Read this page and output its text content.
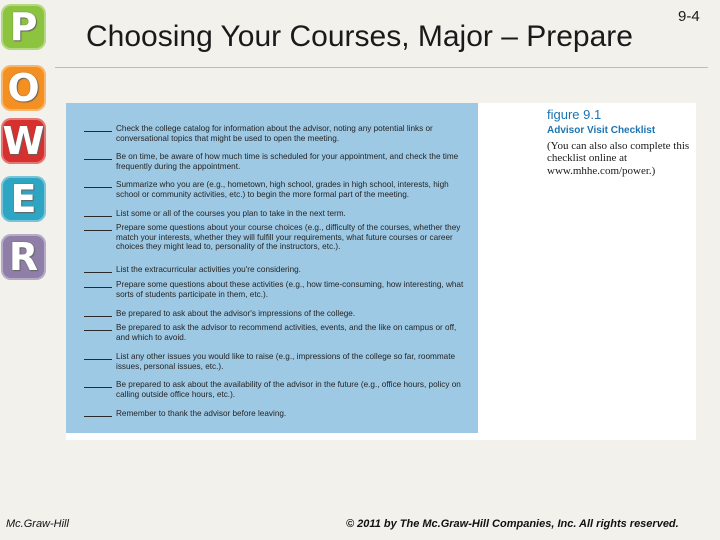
P
O
W
E
R
Choosing Your Courses, Major – Prepare
9-4
Check the college catalog for information about the advisor, noting any potential links or conversational topics that might be used to open the meeting.
Be on time, be aware of how much time is scheduled for your appointment, and check the time frequently during the appointment.
Summarize who you are (e.g., hometown, high school, grades in high school, interests, high school or community activities, etc.) to begin the more formal part of the meeting.
List some or all of the courses you plan to take in the next term.
Prepare some questions about your course choices (e.g., difficulty of the courses, whether they match your interests, whether they will fulfill your requirements, what future courses or career choices they might lead to, personality of the instructors, etc.).
List the extracurricular activities you're considering.
Prepare some questions about these activities (e.g., how time-consuming, how interesting, what sorts of students participate in them, etc.).
Be prepared to ask about the advisor's impressions of the college.
Be prepared to ask the advisor to recommend activities, events, and the like on campus or off, and which to avoid.
List any other issues you would like to raise (e.g., impressions of the college so far, roommate issues, personal issues, etc.).
Be prepared to ask about the availability of the advisor in the future (e.g., office hours, policy on calling outside office hours, etc.).
Remember to thank the advisor before leaving.
figure 9.1
Advisor Visit Checklist
(You can also also complete this checklist online at www.mhhe.com/power.)
Mc.Graw-Hill	© 2011 by The Mc.Graw-Hill Companies, Inc. All rights reserved.
